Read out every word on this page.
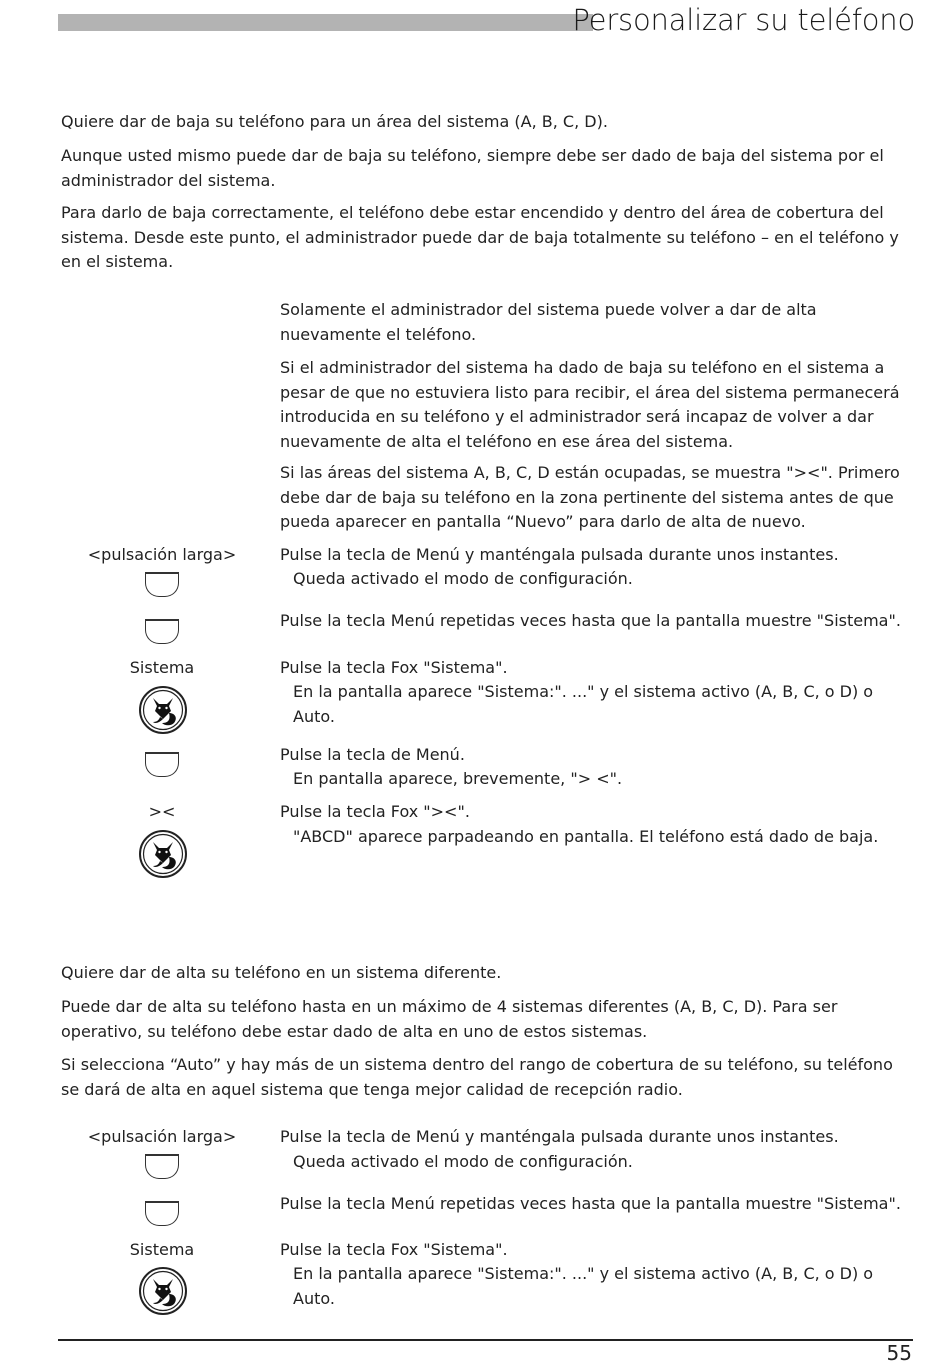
Personalizar su teléfono

Quiere dar de baja su teléfono para un área del sistema (A, B, C, D).

Aunque usted mismo puede dar de baja su teléfono, siempre debe ser dado de baja del sistema por el administrador del sistema.

Para darlo de baja correctamente, el teléfono debe estar encendido y dentro del área de cobertura del sistema. Desde este punto, el administrador puede dar de baja totalmente su teléfono – en el teléfono y en el sistema.

Solamente el administrador del sistema puede volver a dar de alta nuevamente el teléfono.

Si el administrador del sistema ha dado de baja su teléfono en el sistema a pesar de que no estuviera listo para recibir, el área del sistema permanecerá introducida en su teléfono y el administrador será incapaz de volver a dar nuevamente de alta el teléfono en ese área del sistema.

Si las áreas del sistema A, B, C, D están ocupadas, se muestra "><". Primero debe dar de baja su teléfono en la zona pertinente del sistema antes de que pueda aparecer en pantalla “Nuevo” para darlo de alta de nuevo.

<pulsación larga>	Pulse la tecla de Menú y manténgala pulsada durante unos instantes.

Queda activado el modo de configuración.

Pulse la tecla Menú repetidas veces hasta que la pantalla muestre "Sistema".

Sistema	Pulse la tecla Fox "Sistema".

En la pantalla aparece "Sistema:". ..." y el sistema activo (A, B, C, o D) o Auto.

Pulse la tecla de Menú.

En pantalla aparece, brevemente, "> <".

><	Pulse la tecla Fox "><".

"ABCD" aparece parpadeando en pantalla. El teléfono está dado de baja.

Quiere dar de alta su teléfono en un sistema diferente.

Puede dar de alta su teléfono hasta en un máximo de 4 sistemas diferentes (A, B, C, D). Para ser operativo, su teléfono debe estar dado de alta en uno de estos sistemas.

Si selecciona “Auto” y hay más de un sistema dentro del rango de cobertura de su teléfono, su teléfono se dará de alta en aquel sistema que tenga mejor calidad de recepción radio.

<pulsación larga>	Pulse la tecla de Menú y manténgala pulsada durante unos instantes.

Queda activado el modo de configuración.

Pulse la tecla Menú repetidas veces hasta que la pantalla muestre "Sistema".

Sistema	Pulse la tecla Fox "Sistema".

En la pantalla aparece "Sistema:". ..." y el sistema activo (A, B, C, o D) o Auto.

55
